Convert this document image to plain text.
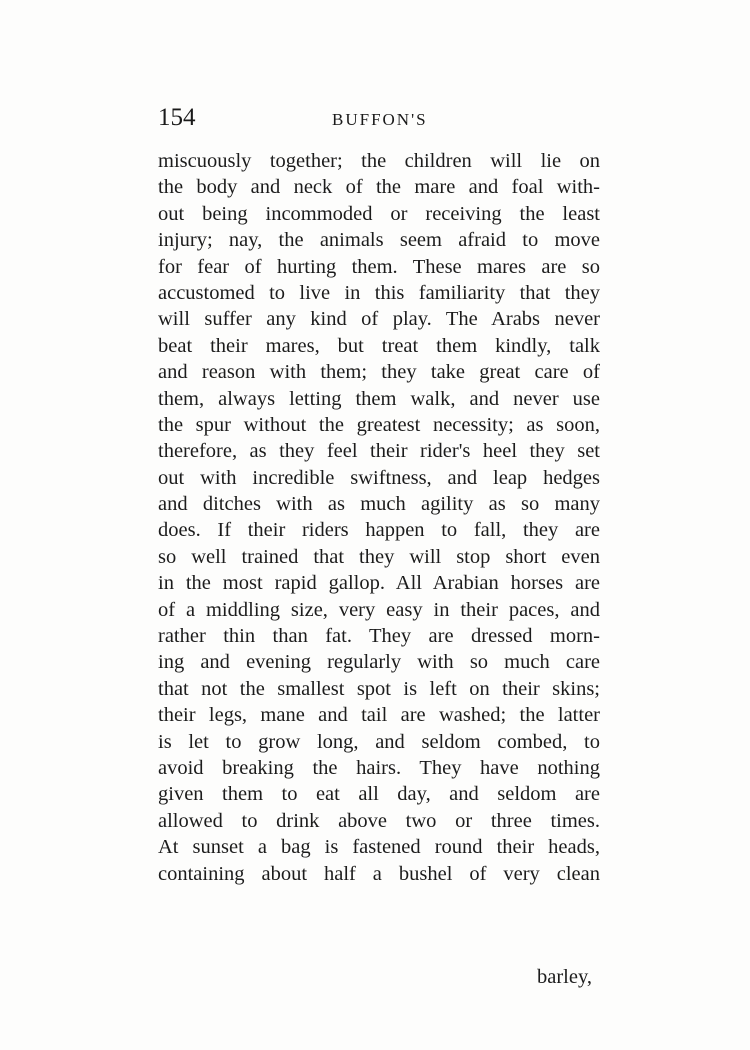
154	BUFFON'S
miscuously together; the children will lie on
the body and neck of the mare and foal with-
out being incommoded or receiving the least
injury; nay, the animals seem afraid to move
for fear of hurting them. These mares are so
accustomed to live in this familiarity that they
will suffer any kind of play. The Arabs never
beat their mares, but treat them kindly, talk
and reason with them; they take great care of
them, always letting them walk, and never use
the spur without the greatest necessity; as soon,
therefore, as they feel their rider's heel they set
out with incredible swiftness, and leap hedges
and ditches with as much agility as so many
does. If their riders happen to fall, they are
so well trained that they will stop short even
in the most rapid gallop. All Arabian horses are
of a middling size, very easy in their paces, and
rather thin than fat. They are dressed morn-
ing and evening regularly with so much care
that not the smallest spot is left on their skins;
their legs, mane and tail are washed; the latter
is let to grow long, and seldom combed, to
avoid breaking the hairs. They have nothing
given them to eat all day, and seldom are
allowed to drink above two or three times.
At sunset a bag is fastened round their heads,
containing about half a bushel of very clean
barley,
